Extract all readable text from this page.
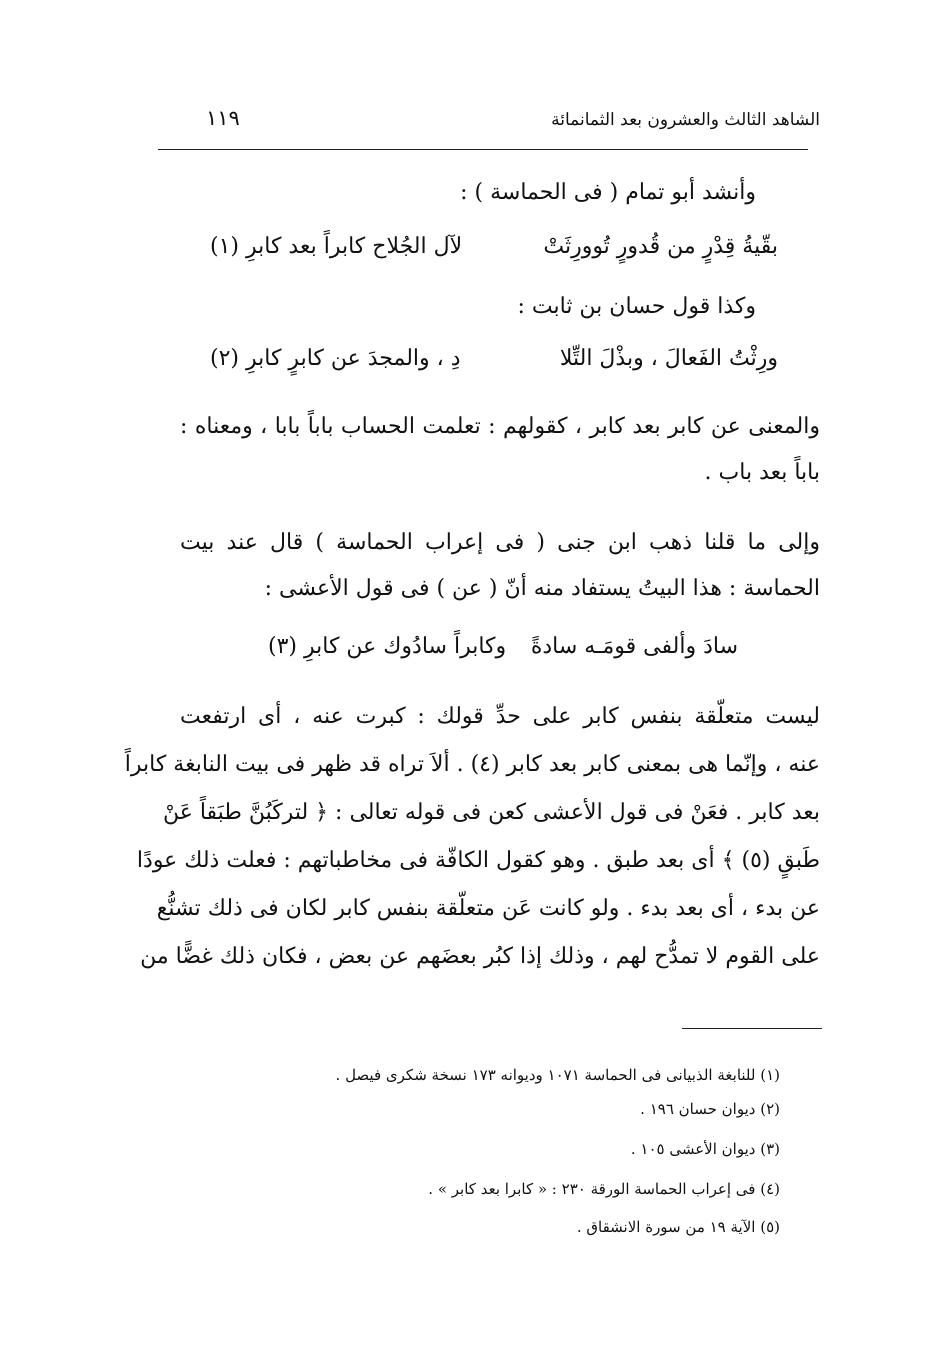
الشاهد الثالث والعشرون بعد الثمانمائة
١١٩
وأنشد أبو تمام ( فى الحماسة ) :
بقّيةُ قِدْرٍ من قُدورٍ تُوورِثَتْ
لآل الجُلاح كابراً بعد كابرِ (١)
وكذا قول حسان بن ثابت :
ورِثْتُ الفَعالَ ، وبذْلَ التِّلا
دِ ، والمجدَ عن كابرٍ كابرِ (٢)
والمعنى عن كابر بعد كابر ، كقولهم : تعلمت الحساب باباً بابا ، ومعناه :
باباً بعد باب .
وإلى ما قلنا ذهب ابن جنى ( فى إعراب الحماسة ) قال عند بيت
الحماسة : هذا البيتُ يستفاد منه أنّ ( عن ) فى قول الأعشى :
سادَ وألفى قومَـه سادةً
وكابراً سادُوك عن كابرِ (٣)
ليست متعلّقة بنفس كابر على حدِّ قولك : كبرت عنه ، أى ارتفعت
عنه ، وإنّما هى بمعنى كابر بعد كابر (٤) . ألاَ تراه قد ظهر فى بيت النابغة كابراً
بعد كابر . فعَنْ فى قول الأعشى كعن فى قوله تعالى : ﴿ لتركَبُنَّ طبَقاً عَنْ
طَبقٍ (٥) ﴾ أى بعد طبق . وهو كقول الكافّة فى مخاطباتهم : فعلت ذلك عودًا
عن بدء ، أى بعد بدء . ولو كانت عَن متعلّقة بنفس كابر لكان فى ذلك تشنُّع
على القوم لا تمدُّح لهم ، وذلك إذا كبُر بعضَهم عن بعض ، فكان ذلك غضًّا من
(١) للنابغة الذبيانى فى الحماسة ١٠٧١ وديوانه ١٧٣ نسخة شكرى فيصل .
(٢) ديوان حسان ١٩٦ .
(٣) ديوان الأعشى ١٠٥ .
(٤) فى إعراب الحماسة الورقة ٢٣٠ : « كابرا بعد كابر » .
(٥) الآية ١٩ من سورة الانشقاق .
